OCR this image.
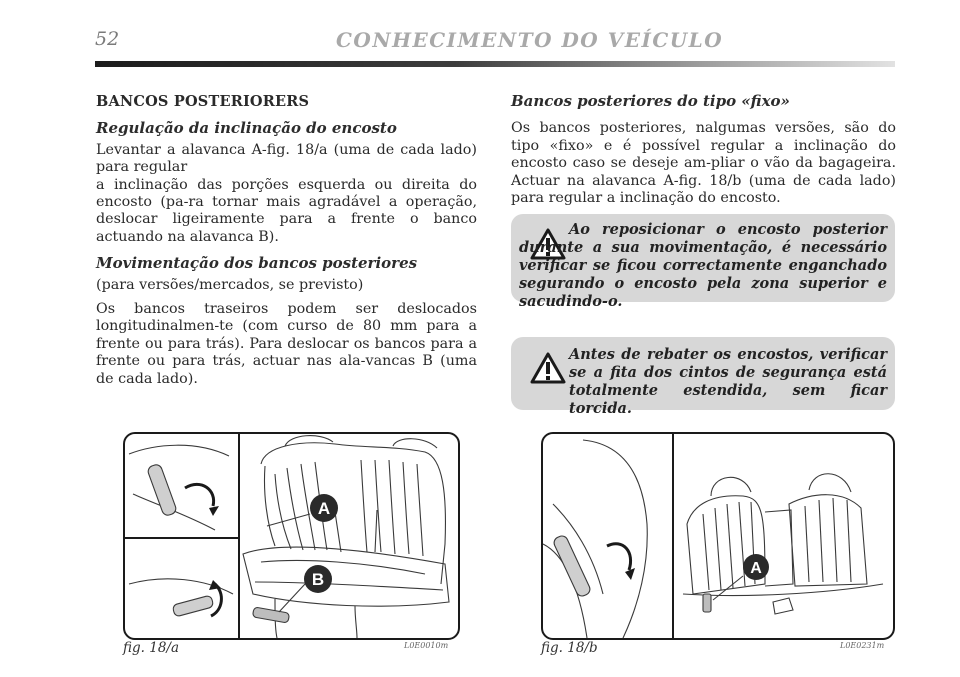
52	CONHECIMENTO DO VEÍCULO
BANCOS POSTERIORERS
Regulação da inclinação do encosto

Levantar a alavanca A-fig. 18/a (uma de cada lado) para regular

a inclinação das porções esquerda ou direita do encosto (pa-ra tornar mais agradável a operação, deslocar ligeiramente para a frente o banco actuando na alavanca B).

Movimentação dos bancos posteriores

(para versões/mercados, se previsto)

Os bancos traseiros podem ser deslocados longitudinalmen-te (com curso de 80 mm para a frente ou para trás). Para deslocar os bancos para a frente ou para trás, actuar nas ala-vancas B (uma de cada lado).

Bancos posteriores do tipo «fixo»

Os bancos posteriores, nalgumas versões, são do tipo «fixo» e é possível regular a inclinação do encosto caso se deseje am-pliar o vão da bagageira. Actuar na alavanca A-fig. 18/b (uma de cada lado) para regular a inclinação do encosto.

Ao reposicionar o encosto posterior durante a sua movimentação, é necessário verificar se ficou correctamente enganchado segurando o encosto pela zona superior e sacudindo-o.
Antes de rebater os encostos, verificar se a fita dos cintos de segurança está totalmente estendida, sem ficar torcida.
A
B
fig. 18/a	L0E0010m
A
fig. 18/b	L0E0231m
